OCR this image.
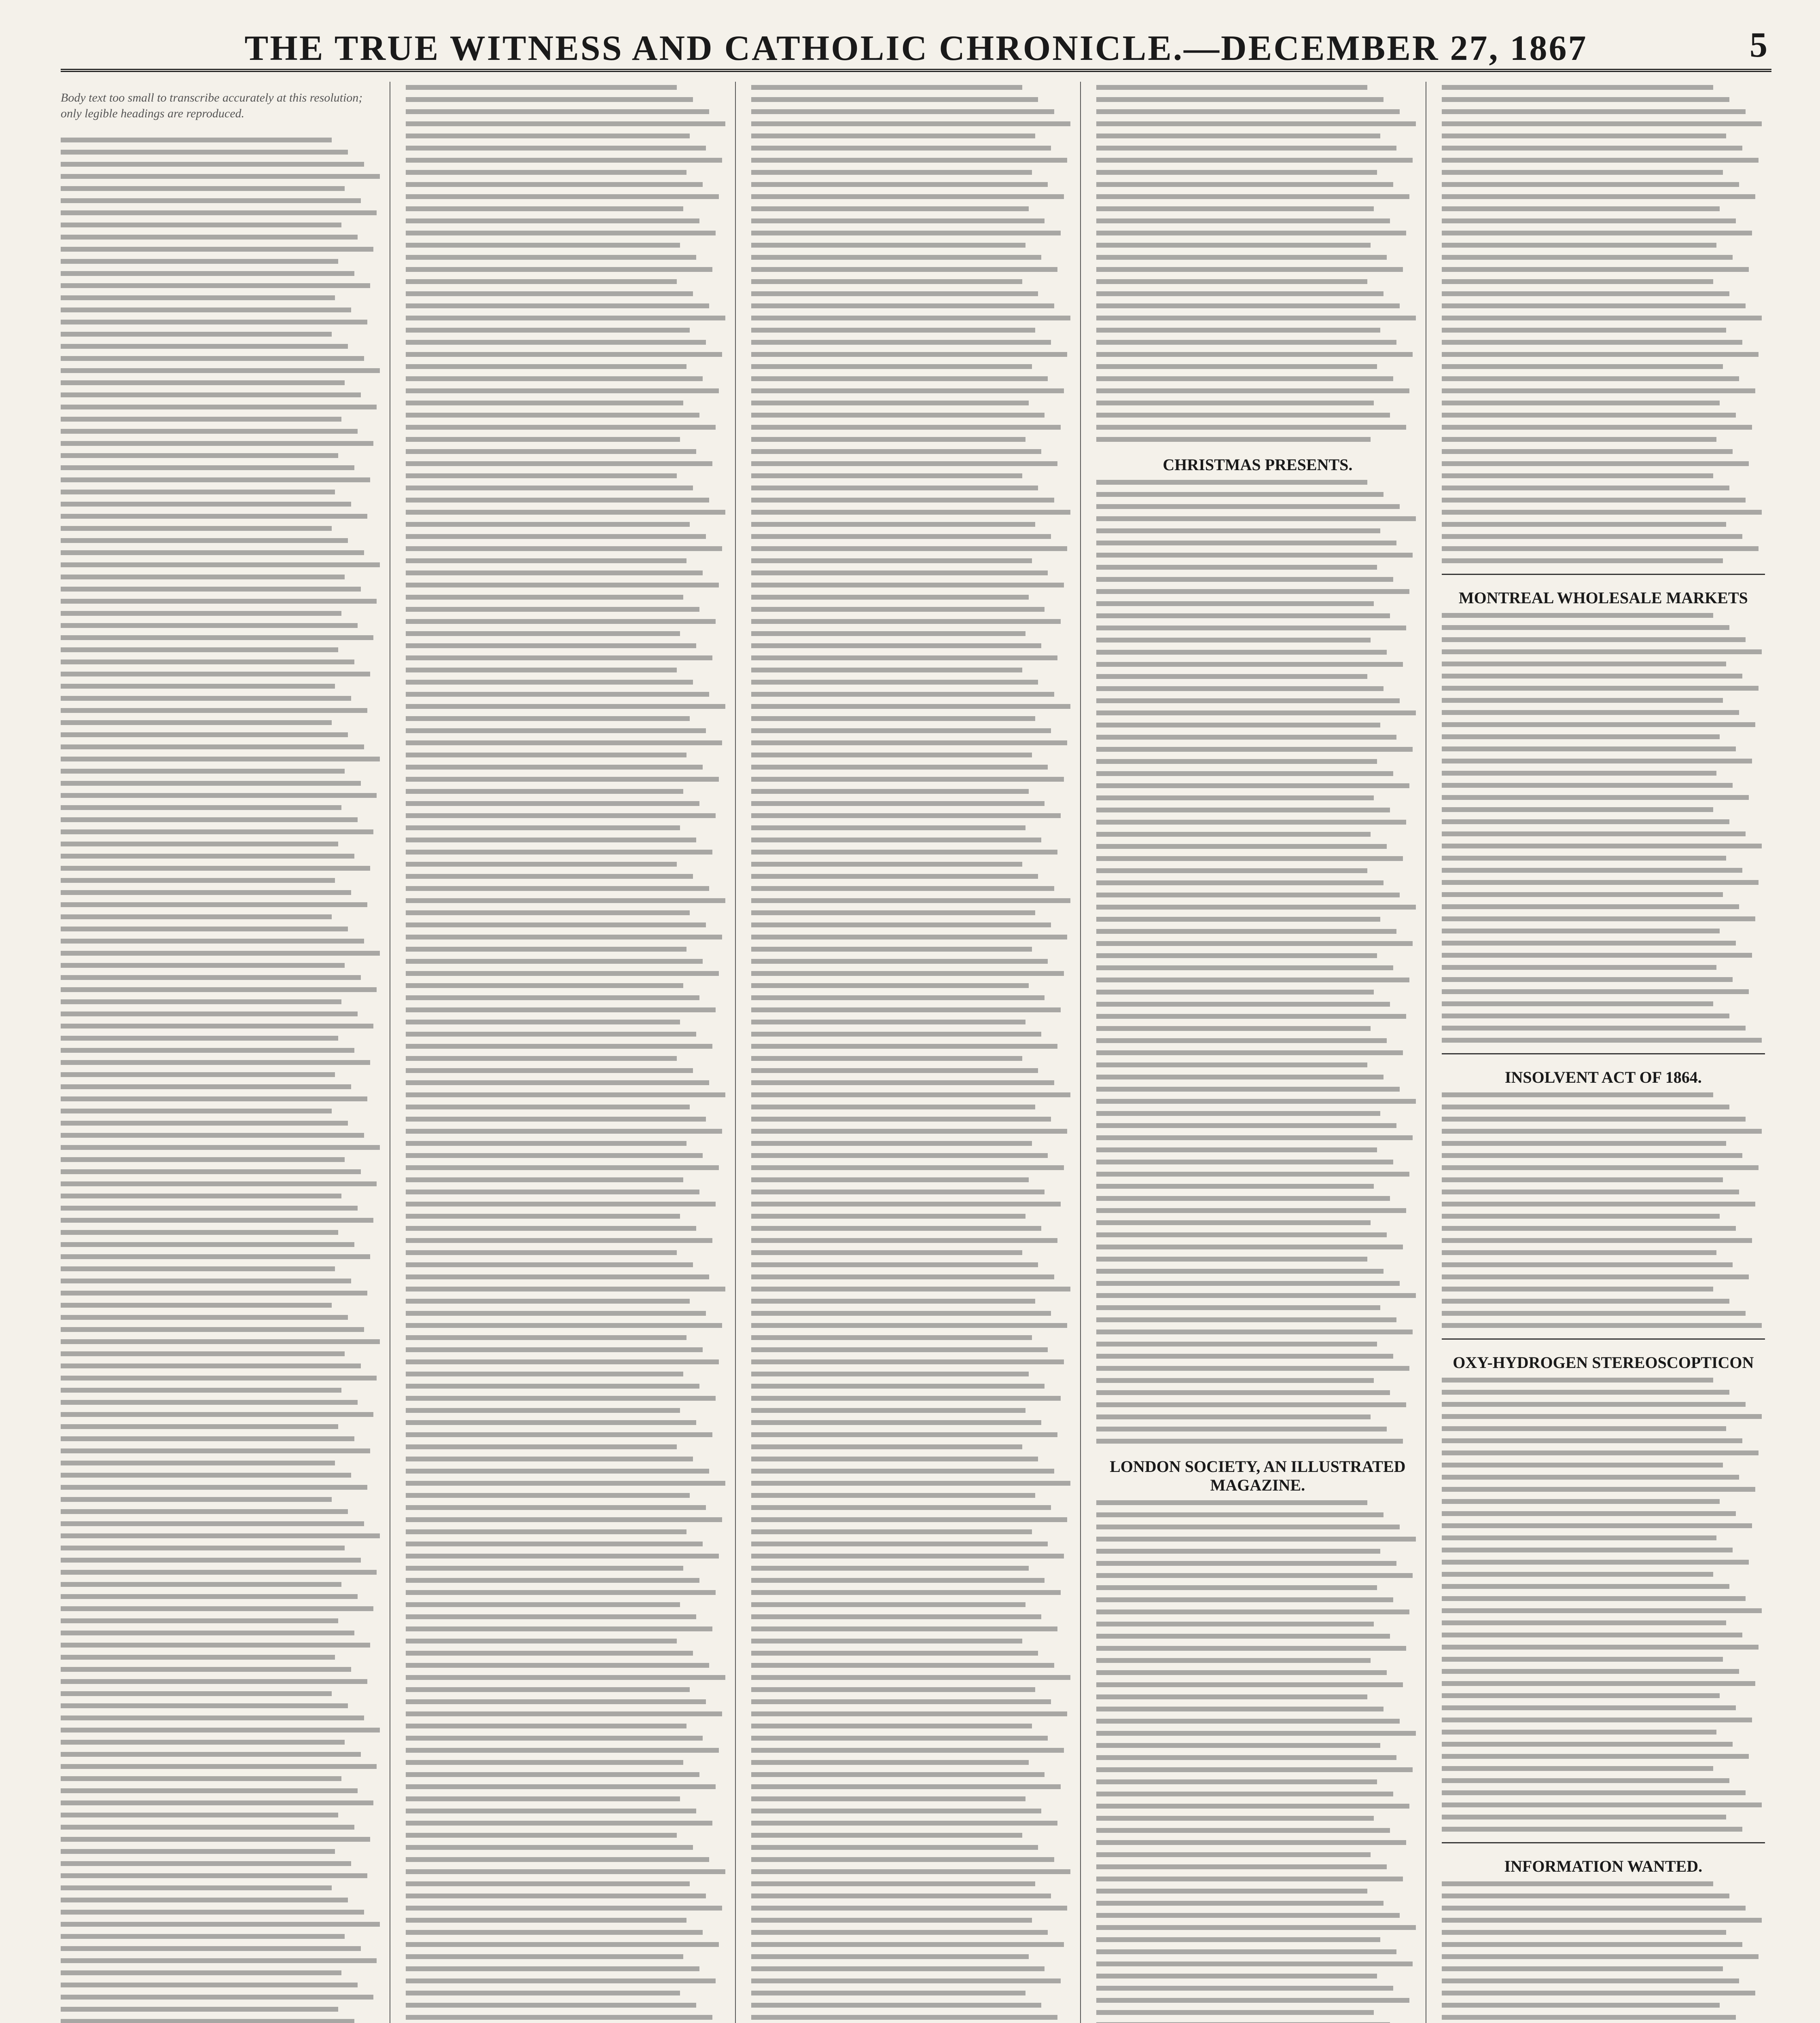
THE TRUE WITNESS AND CATHOLIC CHRONICLE.—DECEMBER 27, 1867	5
Body text too small to transcribe accurately at this resolution; only legible headings are reproduced.
CHRISTMAS PRESENTS.
LONDON SOCIETY, AN ILLUSTRATED MAGAZINE.
MONTREAL WHOLESALE MARKETS
INSOLVENT ACT OF 1864.
OXY-HYDROGEN STEREOSCOPTICON
INFORMATION WANTED.
